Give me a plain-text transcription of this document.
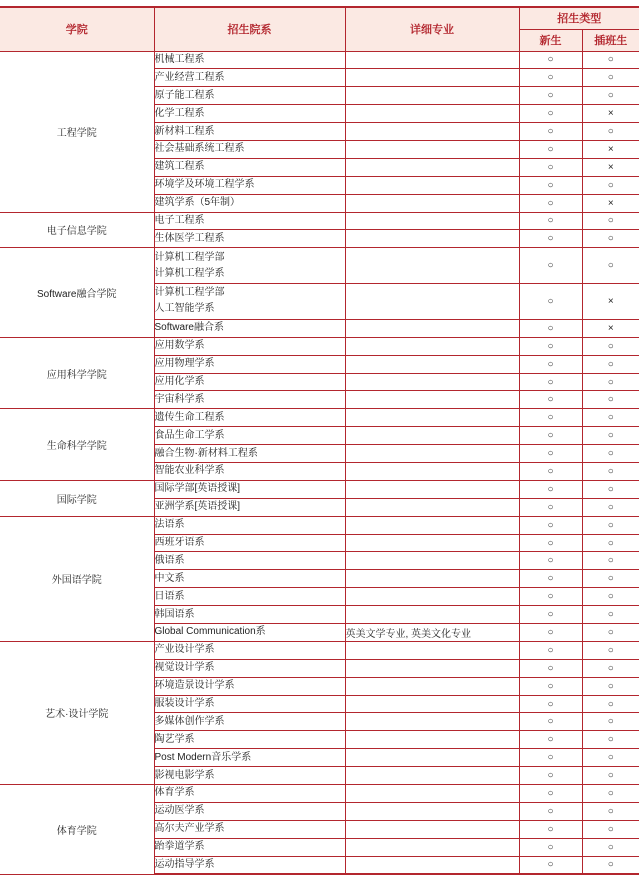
学院	招生院系	详细专业	招生类型	
			新生	插班生
工程学院	机械工程系		○	○

	产业经营工程系		○	○

	原子能工程系		○	○

	化学工程系		○	×

	新材料工程系		○	○

	社会基础系统工程系		○	×

	建筑工程系		○	×

	环境学及环境工程学系		○	○

	建筑学系（5年制）		○	×
电子信息学院	电子工程系		○	○

	生体医学工程系		○	○
Software融合学院	计算机工程学部
计算机工程学系		○	○

	计算机工程学部
人工智能学系		○	×

	Software融合系		○	×
应用科学学院	应用数学系		○	○

	应用物理学系		○	○

	应用化学系		○	○

	宇宙科学系		○	○
生命科学学院	遗传生命工程系		○	○

	食品生命工学系		○	○

	融合生物·新材料工程系		○	○

	智能农业科学系		○	○
国际学院	国际学部[英语授课]		○	○

	亚洲学系[英语授课]		○	○
外国语学院	法语系		○	○

	西班牙语系		○	○

	俄语系		○	○

	中文系		○	○

	日语系		○	○

	韩国语系		○	○

	Global Communication系	英美文学专业, 英美文化专业	○	○
艺术·设计学院	产业设计学系		○	○

	视觉设计学系		○	○

	环境造景设计学系		○	○

	服装设计学系		○	○

	多媒体创作学系		○	○

	陶艺学系		○	○

	Post Modern音乐学系		○	○

	影视电影学系		○	○
体育学院	体育学系		○	○

	运动医学系		○	○

	高尔夫产业学系		○	○

	跆拳道学系		○	○

	运动指导学系		○	○
